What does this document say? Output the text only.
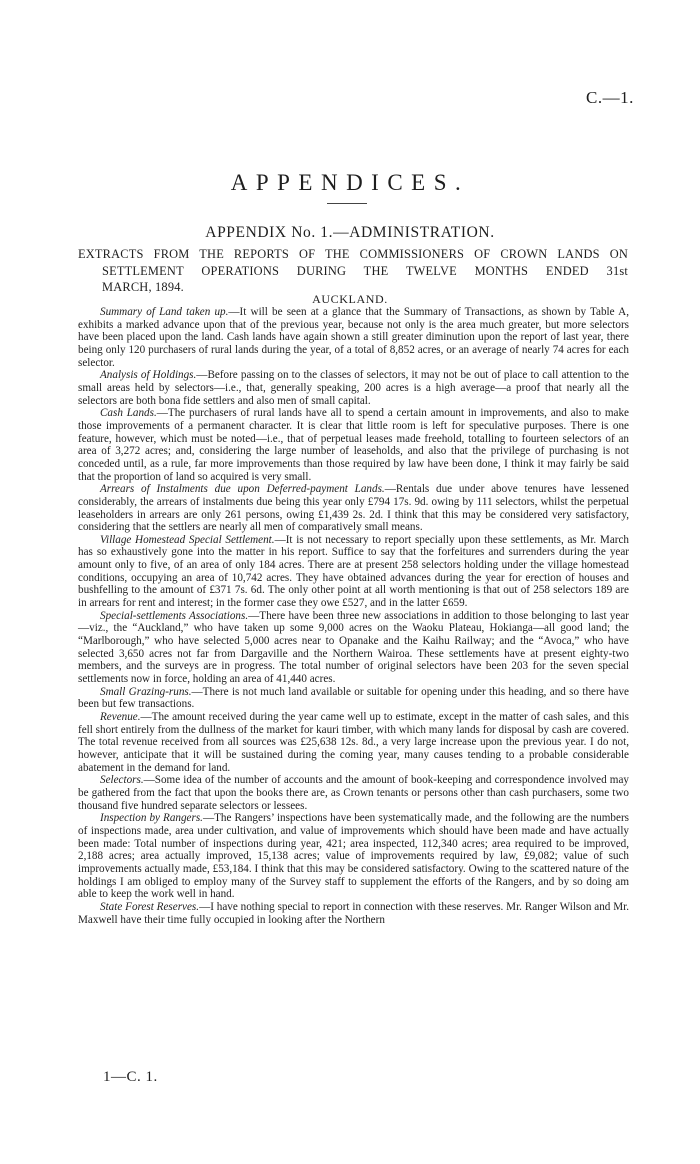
C.—1.
APPENDICES.
APPENDIX No. 1.—ADMINISTRATION.
EXTRACTS FROM THE REPORTS OF THE COMMISSIONERS OF CROWN LANDS ON
SETTLEMENT OPERATIONS DURING THE TWELVE MONTHS ENDED 31st
MARCH, 1894.
AUCKLAND.

Summary of Land taken up.—It will be seen at a glance that the Summary of Transactions, as shown by Table A, exhibits a marked advance upon that of the previous year, because not only is the area much greater, but more selectors have been placed upon the land. Cash lands have again shown a still greater diminution upon the report of last year, there being only 120 purchasers of rural lands during the year, of a total of 8,852 acres, or an average of nearly 74 acres for each selector.

Analysis of Holdings.—Before passing on to the classes of selectors, it may not be out of place to call attention to the small areas held by selectors—i.e., that, generally speaking, 200 acres is a high average—a proof that nearly all the selectors are both bona fide settlers and also men of small capital.

Cash Lands.—The purchasers of rural lands have all to spend a certain amount in improvements, and also to make those improvements of a permanent character. It is clear that little room is left for speculative purposes. There is one feature, however, which must be noted—i.e., that of perpetual leases made freehold, totalling to fourteen selectors of an area of 3,272 acres; and, considering the large number of leaseholds, and also that the privilege of purchasing is not conceded until, as a rule, far more improvements than those required by law have been done, I think it may fairly be said that the proportion of land so acquired is very small.

Arrears of Instalments due upon Deferred-payment Lands.—Rentals due under above tenures have lessened considerably, the arrears of instalments due being this year only £794 17s. 9d. owing by 111 selectors, whilst the perpetual leaseholders in arrears are only 261 persons, owing £1,439 2s. 2d. I think that this may be considered very satisfactory, considering that the settlers are nearly all men of comparatively small means.

Village Homestead Special Settlement.—It is not necessary to report specially upon these settlements, as Mr. March has so exhaustively gone into the matter in his report. Suffice to say that the forfeitures and surrenders during the year amount only to five, of an area of only 184 acres. There are at present 258 selectors holding under the village homestead conditions, occupying an area of 10,742 acres. They have obtained advances during the year for erection of houses and bushfelling to the amount of £371 7s. 6d. The only other point at all worth mentioning is that out of 258 selectors 189 are in arrears for rent and interest; in the former case they owe £527, and in the latter £659.

Special-settlements Associations.—There have been three new associations in addition to those belonging to last year—viz., the “Auckland,” who have taken up some 9,000 acres on the Waoku Plateau, Hokianga—all good land; the “Marlborough,” who have selected 5,000 acres near to Opanake and the Kaihu Railway; and the “Avoca,” who have selected 3,650 acres not far from Dargaville and the Northern Wairoa. These settlements have at present eighty-two members, and the surveys are in progress. The total number of original selectors have been 203 for the seven special settlements now in force, holding an area of 41,440 acres.

Small Grazing-runs.—There is not much land available or suitable for opening under this heading, and so there have been but few transactions.

Revenue.—The amount received during the year came well up to estimate, except in the matter of cash sales, and this fell short entirely from the dullness of the market for kauri timber, with which many lands for disposal by cash are covered. The total revenue received from all sources was £25,638 12s. 8d., a very large increase upon the previous year. I do not, however, anticipate that it will be sustained during the coming year, many causes tending to a probable considerable abatement in the demand for land.

Selectors.—Some idea of the number of accounts and the amount of book-keeping and correspondence involved may be gathered from the fact that upon the books there are, as Crown tenants or persons other than cash purchasers, some two thousand five hundred separate selectors or lessees.

Inspection by Rangers.—The Rangers’ inspections have been systematically made, and the following are the numbers of inspections made, area under cultivation, and value of improvements which should have been made and have actually been made: Total number of inspections during year, 421; area inspected, 112,340 acres; area required to be improved, 2,188 acres; area actually improved, 15,138 acres; value of improvements required by law, £9,082; value of such improvements actually made, £53,184. I think that this may be considered satisfactory. Owing to the scattered nature of the holdings I am obliged to employ many of the Survey staff to supplement the efforts of the Rangers, and by so doing am able to keep the work well in hand.

State Forest Reserves.—I have nothing special to report in connection with these reserves. Mr. Ranger Wilson and Mr. Maxwell have their time fully occupied in looking after the Northern

1—C. 1.
